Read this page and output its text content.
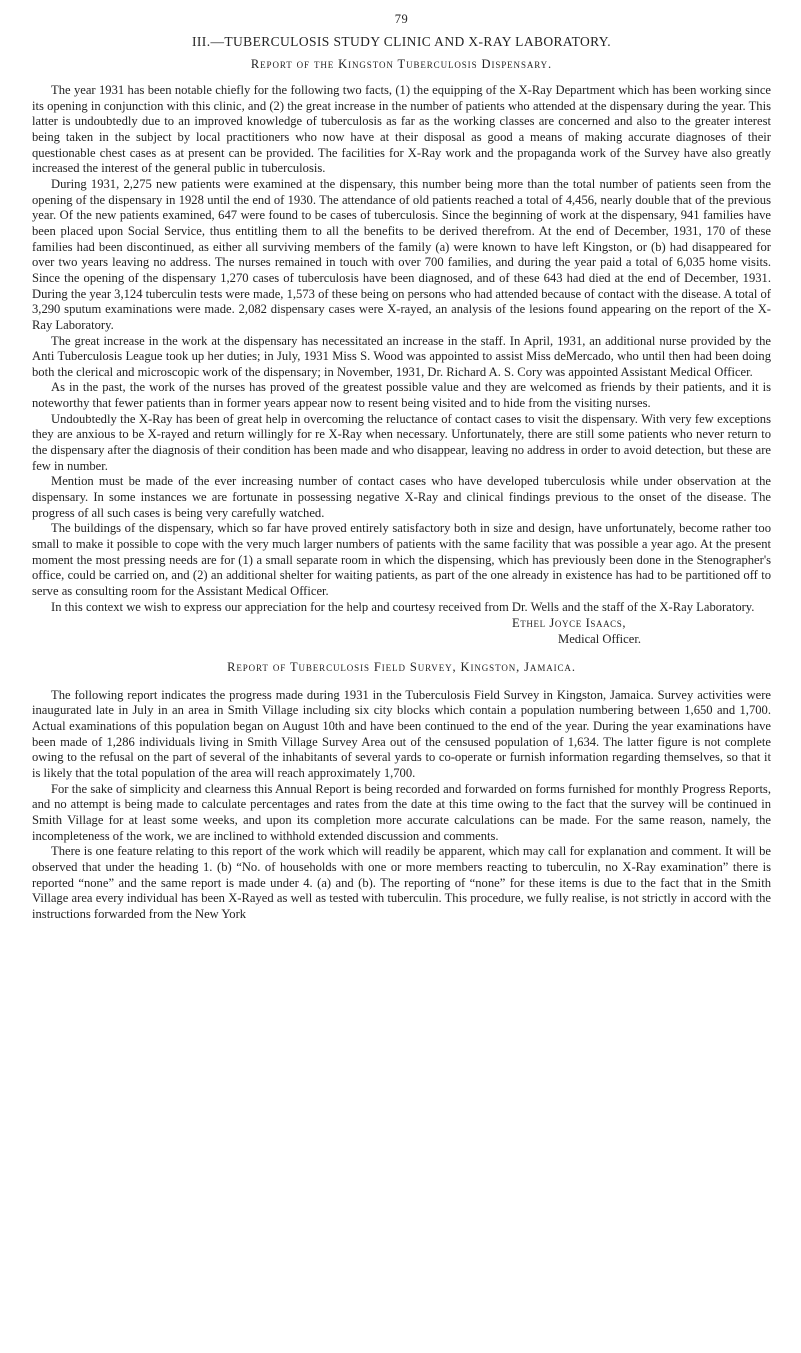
79
III.—TUBERCULOSIS STUDY CLINIC AND X-RAY LABORATORY.
Report of the Kingston Tuberculosis Dispensary.

The year 1931 has been notable chiefly for the following two facts, (1) the equipping of the X-Ray Department which has been working since its opening in conjunction with this clinic, and (2) the great increase in the number of patients who attended at the dispensary during the year. This latter is undoubtedly due to an improved knowledge of tuberculosis as far as the working classes are concerned and also to the greater interest being taken in the subject by local practitioners who now have at their disposal as good a means of making accurate diagnoses of their questionable chest cases as at present can be provided. The facilities for X-Ray work and the propaganda work of the Survey have also greatly increased the interest of the general public in tuberculosis.

During 1931, 2,275 new patients were examined at the dispensary, this number being more than the total number of patients seen from the opening of the dispensary in 1928 until the end of 1930. The attendance of old patients reached a total of 4,456, nearly double that of the previous year. Of the new patients examined, 647 were found to be cases of tuberculosis. Since the beginning of work at the dispensary, 941 families have been placed upon Social Service, thus entitling them to all the benefits to be derived therefrom. At the end of December, 1931, 170 of these families had been discontinued, as either all surviving members of the family (a) were known to have left Kingston, or (b) had disappeared for over two years leaving no address. The nurses remained in touch with over 700 families, and during the year paid a total of 6,035 home visits. Since the opening of the dispensary 1,270 cases of tuberculosis have been diagnosed, and of these 643 had died at the end of December, 1931. During the year 3,124 tuberculin tests were made, 1,573 of these being on persons who had attended because of contact with the disease. A total of 3,290 sputum examinations were made. 2,082 dispensary cases were X-rayed, an analysis of the lesions found appearing on the report of the X-Ray Laboratory.

The great increase in the work at the dispensary has necessitated an increase in the staff. In April, 1931, an additional nurse provided by the Anti Tuberculosis League took up her duties; in July, 1931 Miss S. Wood was appointed to assist Miss deMercado, who until then had been doing both the clerical and microscopic work of the dispensary; in November, 1931, Dr. Richard A. S. Cory was appointed Assistant Medical Officer.

As in the past, the work of the nurses has proved of the greatest possible value and they are welcomed as friends by their patients, and it is noteworthy that fewer patients than in former years appear now to resent being visited and to hide from the visiting nurses.

Undoubtedly the X-Ray has been of great help in overcoming the reluctance of contact cases to visit the dispensary. With very few exceptions they are anxious to be X-rayed and return willingly for re X-Ray when necessary. Unfortunately, there are still some patients who never return to the dispensary after the diagnosis of their condition has been made and who disappear, leaving no address in order to avoid detection, but these are few in number.

Mention must be made of the ever increasing number of contact cases who have developed tuberculosis while under observation at the dispensary. In some instances we are fortunate in possessing negative X-Ray and clinical findings previous to the onset of the disease. The progress of all such cases is being very carefully watched.

The buildings of the dispensary, which so far have proved entirely satisfactory both in size and design, have unfortunately, become rather too small to make it possible to cope with the very much larger numbers of patients with the same facility that was possible a year ago. At the present moment the most pressing needs are for (1) a small separate room in which the dispensing, which has previously been done in the Stenographer's office, could be carried on, and (2) an additional shelter for waiting patients, as part of the one already in existence has had to be partitioned off to serve as consulting room for the Assistant Medical Officer.

In this context we wish to express our appreciation for the help and courtesy received from Dr. Wells and the staff of the X-Ray Laboratory.

Ethel Joyce Isaacs,
Medical Officer.
Report of Tuberculosis Field Survey, Kingston, Jamaica.

The following report indicates the progress made during 1931 in the Tuberculosis Field Survey in Kingston, Jamaica. Survey activities were inaugurated late in July in an area in Smith Village including six city blocks which contain a population numbering between 1,650 and 1,700. Actual examinations of this population began on August 10th and have been continued to the end of the year. During the year examinations have been made of 1,286 individuals living in Smith Village Survey Area out of the censused population of 1,634. The latter figure is not complete owing to the refusal on the part of several of the inhabitants of several yards to co-operate or furnish information regarding themselves, so that it is likely that the total population of the area will reach approximately 1,700.

For the sake of simplicity and clearness this Annual Report is being recorded and forwarded on forms furnished for monthly Progress Reports, and no attempt is being made to calculate percentages and rates from the date at this time owing to the fact that the survey will be continued in Smith Village for at least some weeks, and upon its completion more accurate calculations can be made. For the same reason, namely, the incompleteness of the work, we are inclined to withhold extended discussion and comments.

There is one feature relating to this report of the work which will readily be apparent, which may call for explanation and comment. It will be observed that under the heading 1. (b) “No. of households with one or more members reacting to tuberculin, no X-Ray examination” there is reported “none” and the same report is made under 4. (a) and (b). The reporting of “none” for these items is due to the fact that in the Smith Village area every individual has been X-Rayed as well as tested with tuberculin. This procedure, we fully realise, is not strictly in accord with the instructions forwarded from the New York
